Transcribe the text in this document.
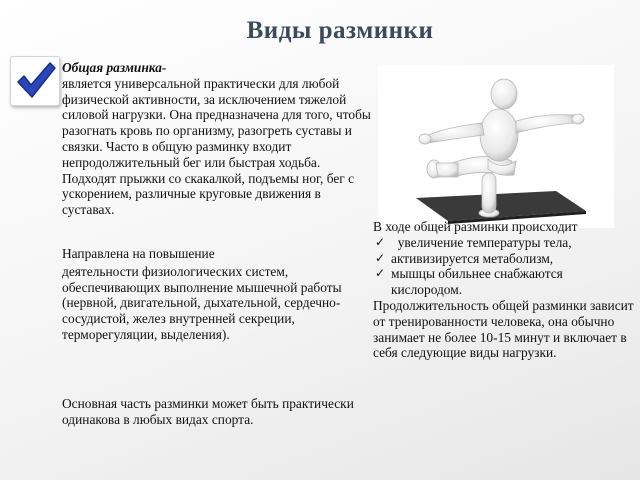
Виды разминки
Общая разминка-
является универсальной практически для любой физической активности, за исключением тяжелой силовой нагрузки. Она предназначена для того, чтобы разогнать кровь по организму, разогреть суставы и связки. Часто в общую разминку входит непродолжительный бег или быстрая ходьба. Подходят прыжки со скакалкой, подъемы ног, бег с ускорением, различные круговые движения в суставах.
Направлена на повышение
деятельности физиологических систем, обеспечивающих выполнение мышечной работы
(нервной, двигательной, дыхательной, сердечно-сосудистой, желез внутренней секреции, терморегуляции, выделения).
Основная часть разминки может быть практически одинакова в любых видах спорта.
В ходе общей разминки происходит
✓ увеличение температуры тела,
✓ активизируется метаболизм,
✓ мышцы обильнее снабжаются кислородом.
Продолжительность общей разминки зависит от тренированности человека, она обычно занимает не более 10-15 минут и включает в себя следующие виды нагрузки.
